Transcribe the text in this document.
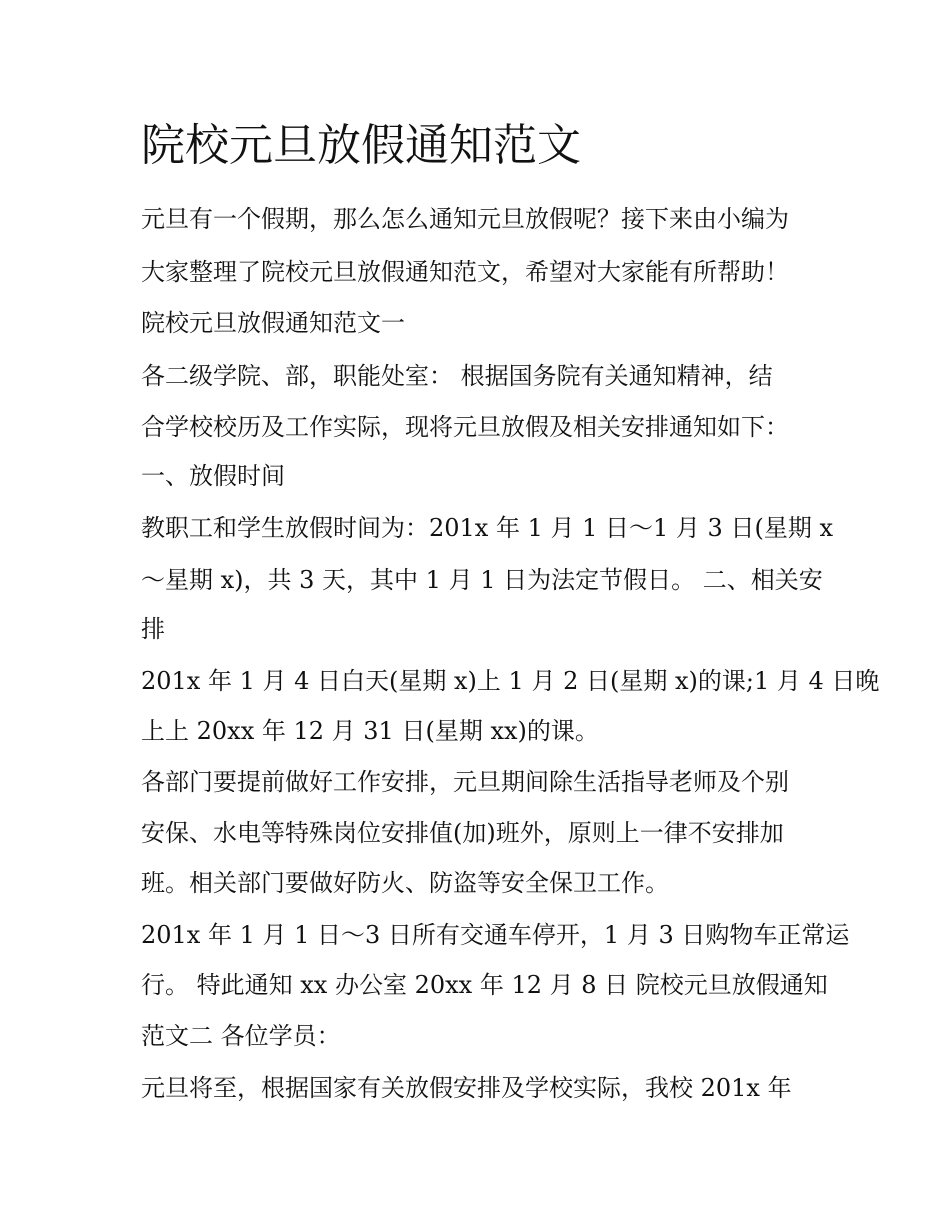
院校元旦放假通知范文

元旦有一个假期，那么怎么通知元旦放假呢？接下来由小编为

大家整理了院校元旦放假通知范文，希望对大家能有所帮助！

院校元旦放假通知范文一

各二级学院、部，职能处室： 根据国务院有关通知精神，结

合学校校历及工作实际，现将元旦放假及相关安排通知如下：

一、放假时间

教职工和学生放假时间为：201x 年 1 月 1 日～1 月 3 日(星期 x

～星期 x)，共 3 天，其中 1 月 1 日为法定节假日。 二、相关安

排

201x 年 1 月 4 日白天(星期 x)上 1 月 2 日(星期 x)的课;1 月 4 日晚

上上 20xx 年 12 月 31 日(星期 xx)的课。

各部门要提前做好工作安排，元旦期间除生活指导老师及个别

安保、水电等特殊岗位安排值(加)班外，原则上一律不安排加

班。相关部门要做好防火、防盗等安全保卫工作。

201x 年 1 月 1 日～3 日所有交通车停开，1 月 3 日购物车正常运

行。 特此通知 xx 办公室 20xx 年 12 月 8 日 院校元旦放假通知

范文二 各位学员：

元旦将至，根据国家有关放假安排及学校实际，我校 201x 年
